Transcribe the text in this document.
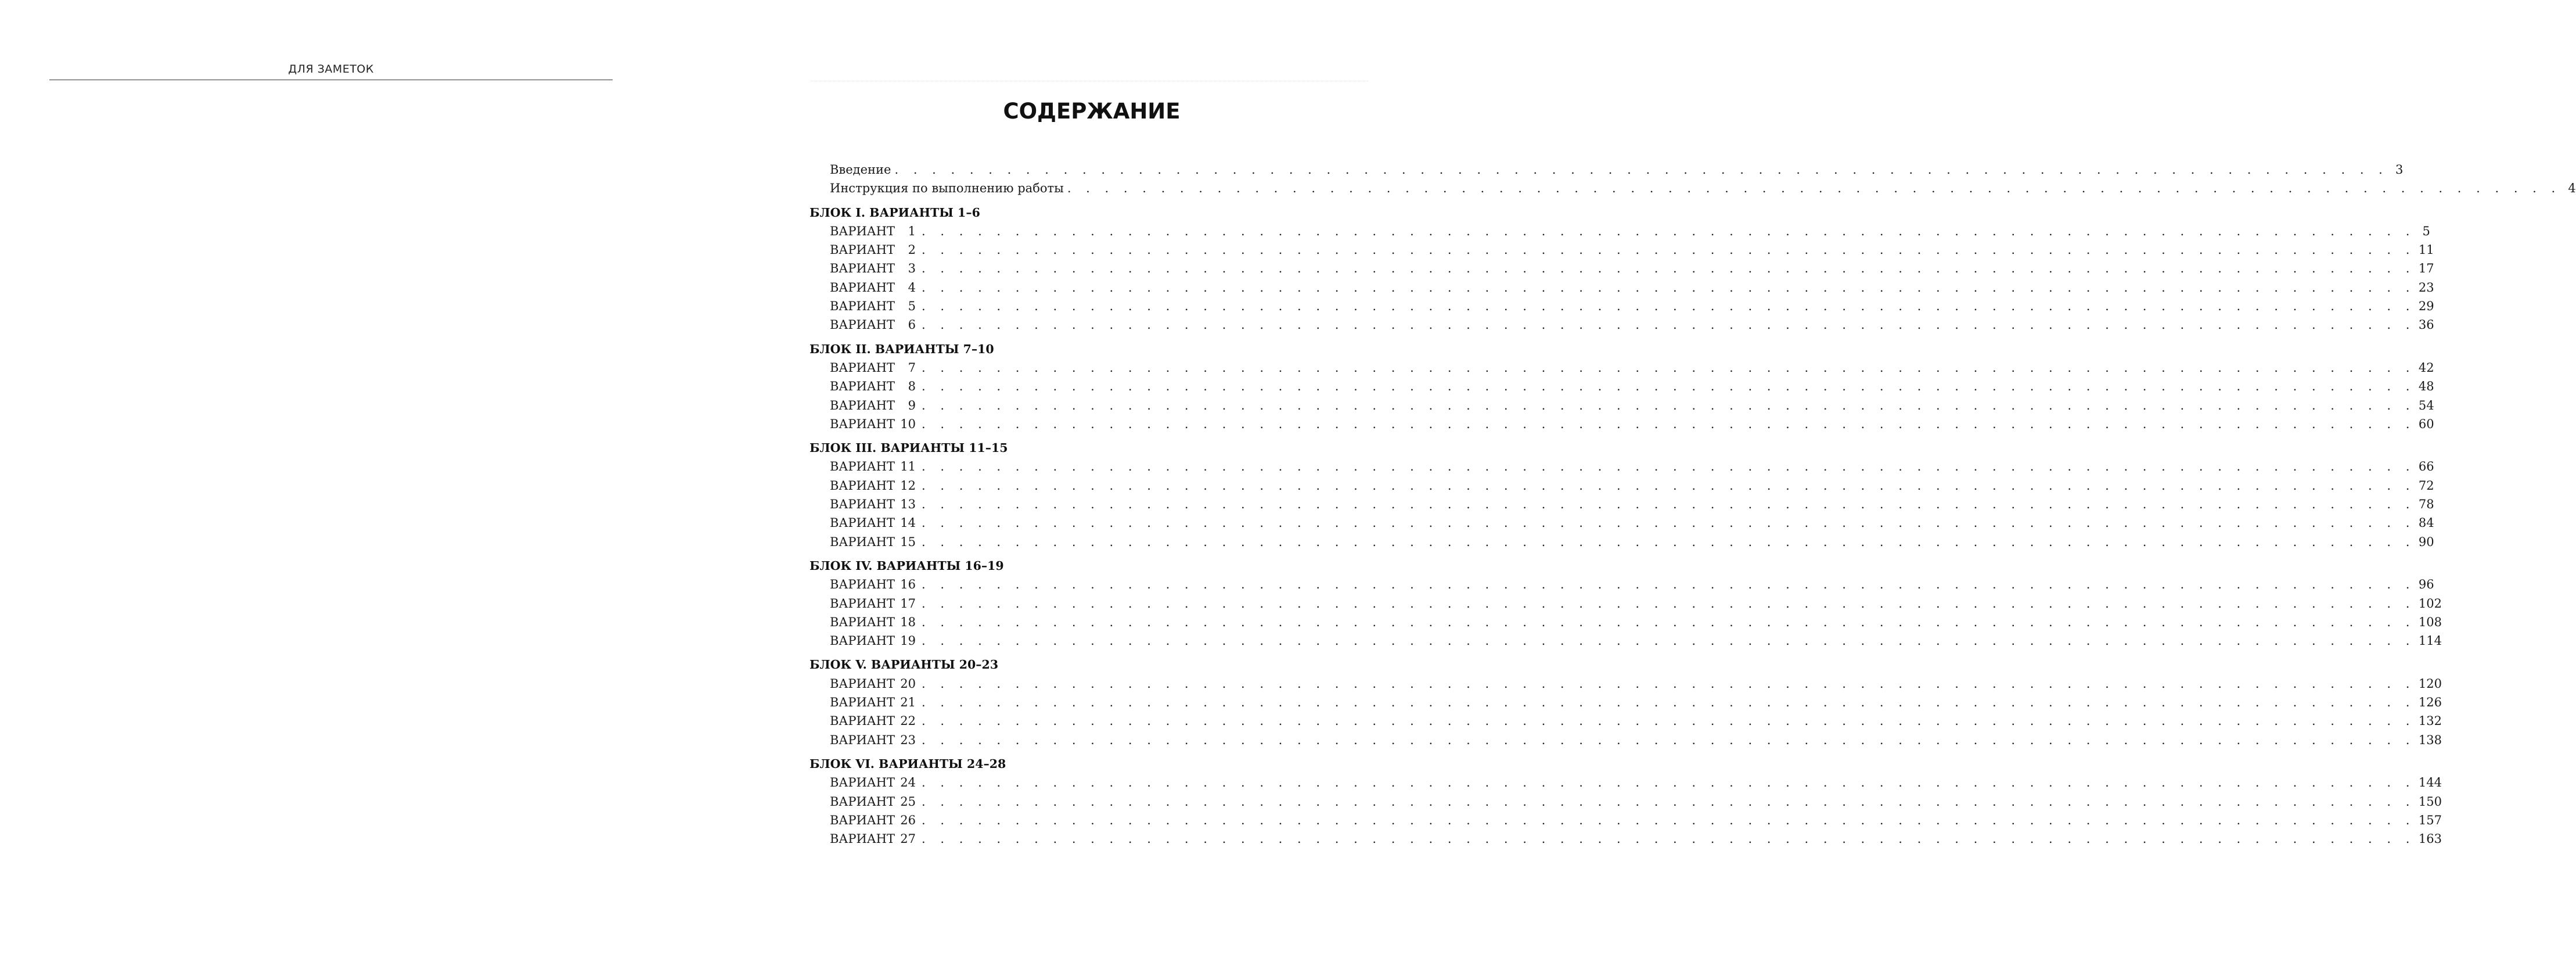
ДЛЯ ЗАМЕТОК
СОДЕРЖАНИЕ
Введение . . . . . . . . . . . . . . . . . . . . . . . . . . . . . . . . . . . . . . . . . . . . . . . . . . . . . . . . . . . . . . . . . . . . . . . . . . . . . . . . 3
Инструкция по выполнению работы . . . . . . . . . . . . . . . . . . . . . . . . . . . . . . . . . . . . . . . . . . . . . . . . . . . . . . . . . . . . . . . . . . . . . . . . . . . . . . . . 4
БЛОК I. ВАРИАНТЫ 1–6
ВАРИАНТ	1 . . . . . . . . . . . . . . . . . . . . . . . . . . . . . . . . . . . . . . . . . . . . . . . . . . . . . . . . . . . . . . . . . . . . . . . . . . . . . . . . 5
ВАРИАНТ	2 . . . . . . . . . . . . . . . . . . . . . . . . . . . . . . . . . . . . . . . . . . . . . . . . . . . . . . . . . . . . . . . . . . . . . . . . . . . . . . . . 11
ВАРИАНТ	3 . . . . . . . . . . . . . . . . . . . . . . . . . . . . . . . . . . . . . . . . . . . . . . . . . . . . . . . . . . . . . . . . . . . . . . . . . . . . . . . . 17
ВАРИАНТ	4 . . . . . . . . . . . . . . . . . . . . . . . . . . . . . . . . . . . . . . . . . . . . . . . . . . . . . . . . . . . . . . . . . . . . . . . . . . . . . . . . 23
ВАРИАНТ	5 . . . . . . . . . . . . . . . . . . . . . . . . . . . . . . . . . . . . . . . . . . . . . . . . . . . . . . . . . . . . . . . . . . . . . . . . . . . . . . . . 29
ВАРИАНТ	6 . . . . . . . . . . . . . . . . . . . . . . . . . . . . . . . . . . . . . . . . . . . . . . . . . . . . . . . . . . . . . . . . . . . . . . . . . . . . . . . . 36
БЛОК II. ВАРИАНТЫ 7–10
ВАРИАНТ	7 . . . . . . . . . . . . . . . . . . . . . . . . . . . . . . . . . . . . . . . . . . . . . . . . . . . . . . . . . . . . . . . . . . . . . . . . . . . . . . . . 42
ВАРИАНТ	8 . . . . . . . . . . . . . . . . . . . . . . . . . . . . . . . . . . . . . . . . . . . . . . . . . . . . . . . . . . . . . . . . . . . . . . . . . . . . . . . . 48
ВАРИАНТ	9 . . . . . . . . . . . . . . . . . . . . . . . . . . . . . . . . . . . . . . . . . . . . . . . . . . . . . . . . . . . . . . . . . . . . . . . . . . . . . . . . 54
ВАРИАНТ 10 . . . . . . . . . . . . . . . . . . . . . . . . . . . . . . . . . . . . . . . . . . . . . . . . . . . . . . . . . . . . . . . . . . . . . . . . . . . . . . . . 60
БЛОК III. ВАРИАНТЫ 11–15
ВАРИАНТ 11 . . . . . . . . . . . . . . . . . . . . . . . . . . . . . . . . . . . . . . . . . . . . . . . . . . . . . . . . . . . . . . . . . . . . . . . . . . . . . . . . 66
ВАРИАНТ 12 . . . . . . . . . . . . . . . . . . . . . . . . . . . . . . . . . . . . . . . . . . . . . . . . . . . . . . . . . . . . . . . . . . . . . . . . . . . . . . . . 72
ВАРИАНТ 13 . . . . . . . . . . . . . . . . . . . . . . . . . . . . . . . . . . . . . . . . . . . . . . . . . . . . . . . . . . . . . . . . . . . . . . . . . . . . . . . . 78
ВАРИАНТ 14 . . . . . . . . . . . . . . . . . . . . . . . . . . . . . . . . . . . . . . . . . . . . . . . . . . . . . . . . . . . . . . . . . . . . . . . . . . . . . . . . 84
ВАРИАНТ 15 . . . . . . . . . . . . . . . . . . . . . . . . . . . . . . . . . . . . . . . . . . . . . . . . . . . . . . . . . . . . . . . . . . . . . . . . . . . . . . . . 90
БЛОК IV. ВАРИАНТЫ 16–19
ВАРИАНТ 16 . . . . . . . . . . . . . . . . . . . . . . . . . . . . . . . . . . . . . . . . . . . . . . . . . . . . . . . . . . . . . . . . . . . . . . . . . . . . . . . . 96
ВАРИАНТ 17 . . . . . . . . . . . . . . . . . . . . . . . . . . . . . . . . . . . . . . . . . . . . . . . . . . . . . . . . . . . . . . . . . . . . . . . . . . . . . . . . 102
ВАРИАНТ 18 . . . . . . . . . . . . . . . . . . . . . . . . . . . . . . . . . . . . . . . . . . . . . . . . . . . . . . . . . . . . . . . . . . . . . . . . . . . . . . . . 108
ВАРИАНТ 19 . . . . . . . . . . . . . . . . . . . . . . . . . . . . . . . . . . . . . . . . . . . . . . . . . . . . . . . . . . . . . . . . . . . . . . . . . . . . . . . . 114
БЛОК V. ВАРИАНТЫ 20–23
ВАРИАНТ 20 . . . . . . . . . . . . . . . . . . . . . . . . . . . . . . . . . . . . . . . . . . . . . . . . . . . . . . . . . . . . . . . . . . . . . . . . . . . . . . . . 120
ВАРИАНТ 21 . . . . . . . . . . . . . . . . . . . . . . . . . . . . . . . . . . . . . . . . . . . . . . . . . . . . . . . . . . . . . . . . . . . . . . . . . . . . . . . . 126
ВАРИАНТ 22 . . . . . . . . . . . . . . . . . . . . . . . . . . . . . . . . . . . . . . . . . . . . . . . . . . . . . . . . . . . . . . . . . . . . . . . . . . . . . . . . 132
ВАРИАНТ 23 . . . . . . . . . . . . . . . . . . . . . . . . . . . . . . . . . . . . . . . . . . . . . . . . . . . . . . . . . . . . . . . . . . . . . . . . . . . . . . . . 138
БЛОК VI. ВАРИАНТЫ 24–28
ВАРИАНТ 24 . . . . . . . . . . . . . . . . . . . . . . . . . . . . . . . . . . . . . . . . . . . . . . . . . . . . . . . . . . . . . . . . . . . . . . . . . . . . . . . . 144
ВАРИАНТ 25 . . . . . . . . . . . . . . . . . . . . . . . . . . . . . . . . . . . . . . . . . . . . . . . . . . . . . . . . . . . . . . . . . . . . . . . . . . . . . . . . 150
ВАРИАНТ 26 . . . . . . . . . . . . . . . . . . . . . . . . . . . . . . . . . . . . . . . . . . . . . . . . . . . . . . . . . . . . . . . . . . . . . . . . . . . . . . . . 157
ВАРИАНТ 27 . . . . . . . . . . . . . . . . . . . . . . . . . . . . . . . . . . . . . . . . . . . . . . . . . . . . . . . . . . . . . . . . . . . . . . . . . . . . . . . . 163
